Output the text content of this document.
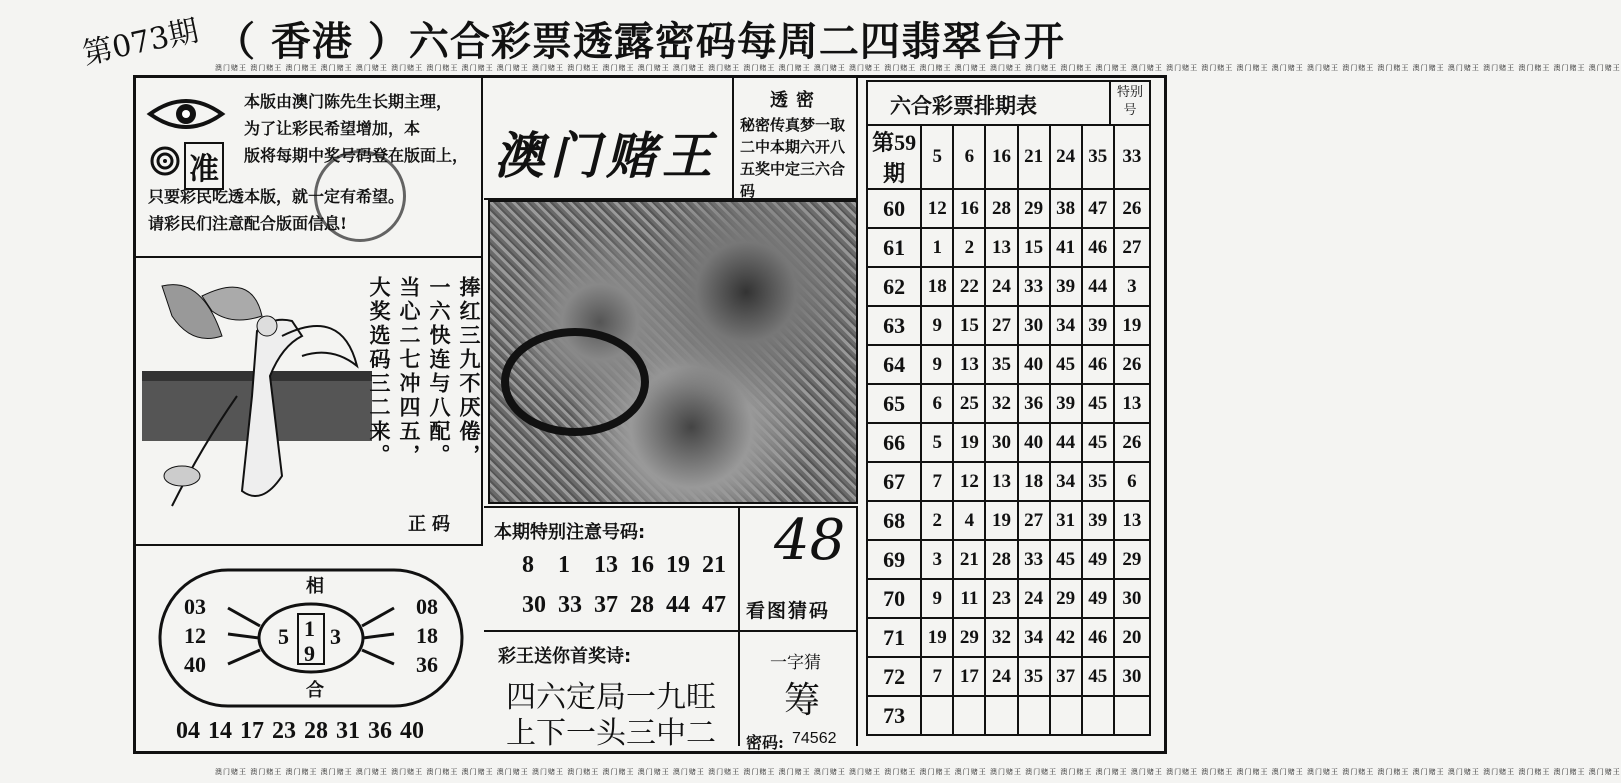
第073期 （ 香港 ）六合彩票透露密码每周二四翡翠台开
澳门赌王 澳门赌王 澳门赌王 澳门赌王 澳门赌王 澳门赌王 澳门赌王 澳门赌王 澳门赌王 澳门赌王 澳门赌王 澳门赌王 澳门赌王 澳门赌王 澳门赌王 澳门赌王 澳门赌王 澳门赌王 澳门赌王 澳门赌王 澳门赌王 澳门赌王 澳门赌王 澳门赌王 澳门赌王 澳门赌王 澳门赌王 澳门赌王 澳门赌王 澳门赌王 澳门赌王 澳门赌王 澳门赌王 澳门赌王 澳门赌王 澳门赌王 澳门赌王 澳门赌王 澳门赌王 澳门赌王
澳门赌王 澳门赌王 澳门赌王 澳门赌王 澳门赌王 澳门赌王 澳门赌王 澳门赌王 澳门赌王 澳门赌王 澳门赌王 澳门赌王 澳门赌王 澳门赌王 澳门赌王 澳门赌王 澳门赌王 澳门赌王 澳门赌王 澳门赌王 澳门赌王 澳门赌王 澳门赌王 澳门赌王 澳门赌王 澳门赌王 澳门赌王 澳门赌王 澳门赌王 澳门赌王 澳门赌王 澳门赌王 澳门赌王 澳门赌王 澳门赌王 澳门赌王 澳门赌王 澳门赌王 澳门赌王 澳门赌王
准
本版由澳门陈先生长期主理，
为了让彩民希望增加，本
版将每期中奖号码登在版面上，
只要彩民吃透本版，就一定有希望。
请彩民们注意配合版面信息!
捧红三九不厌倦，
一六快连与八配。
当心二七冲四五，
大奖选码三二来。
正码
相
合
03
12
40
08
18
36
5 1
9
3
04 14 17 23 28 31 36 40
澳门赌王
透密
秘密传真梦一取二中本期六开八五奖中定三六合码
本期特别注意号码:
8  1  13 16 19 21
30 33 37 28 44 47
48
看图猜码
彩王送你首奖诗:
四六定局一九旺
上下一头三中二
一字猜
筹
密码: 74562
六合彩票排期表
特别号
第59期	5	6	16	21	24	35	33
60	12	16	28	29	38	47	26
61	1	2	13	15	41	46	27
62	18	22	24	33	39	44	3
63	9	15	27	30	34	39	19
64	9	13	35	40	45	46	26
65	6	25	32	36	39	45	13
66	5	19	30	40	44	45	26
67	7	12	13	18	34	35	6
68	2	4	19	27	31	39	13
69	3	21	28	33	45	49	29
70	9	11	23	24	29	49	30
71	19	29	32	34	42	46	20
72	7	17	24	35	37	45	30
73							
